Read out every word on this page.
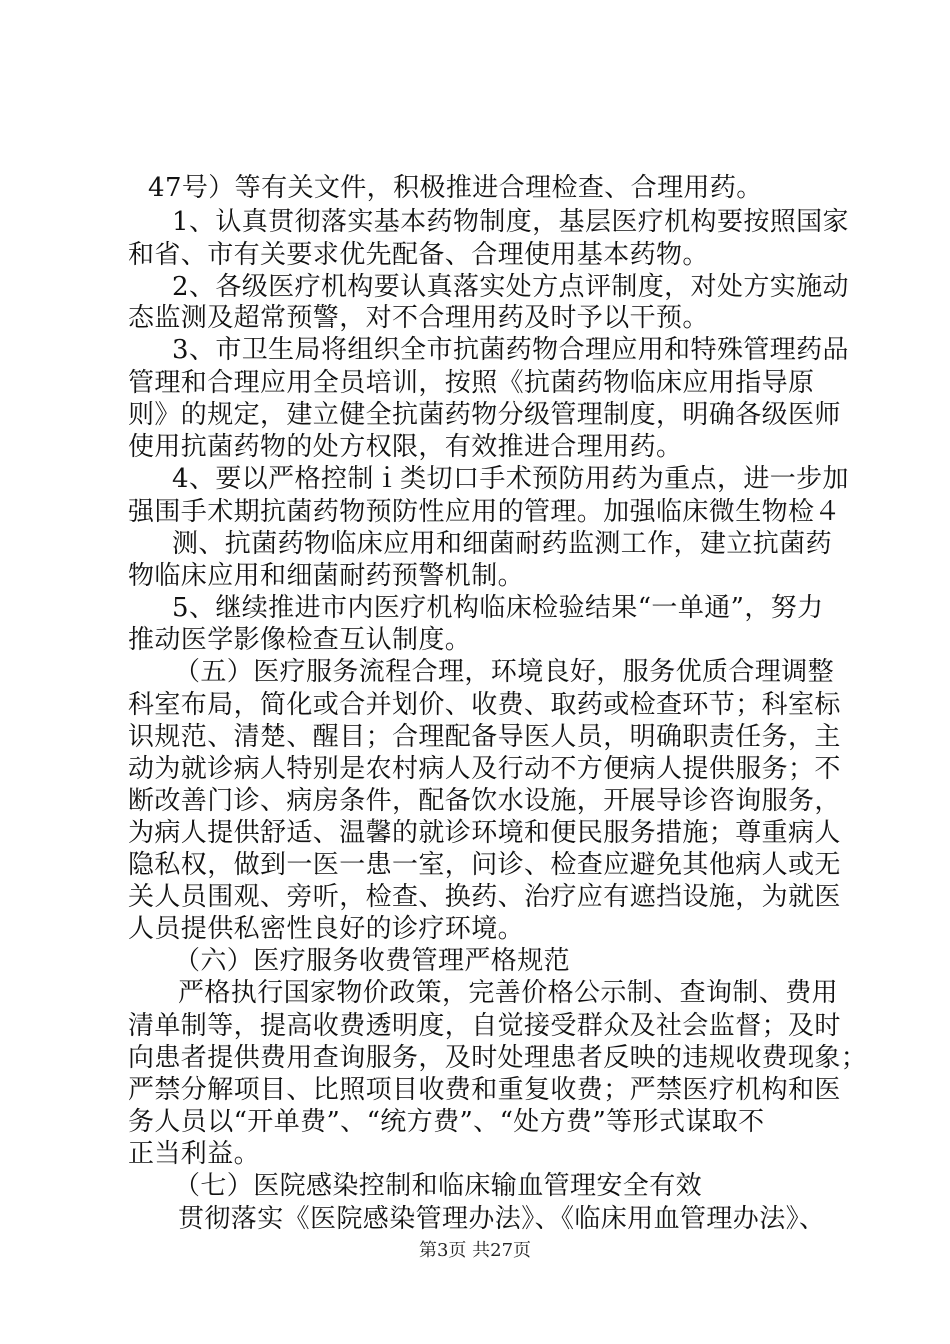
47号）等有关文件，积极推进合理检查、合理用药。
1、认真贯彻落实基本药物制度，基层医疗机构要按照国家
和省、市有关要求优先配备、合理使用基本药物。
2、各级医疗机构要认真落实处方点评制度，对处方实施动
态监测及超常预警，对不合理用药及时予以干预。
3、市卫生局将组织全市抗菌药物合理应用和特殊管理药品
管理和合理应用全员培训，按照《抗菌药物临床应用指导原
则》的规定，建立健全抗菌药物分级管理制度，明确各级医师
使用抗菌药物的处方权限，有效推进合理用药。
4、要以严格控制ｉ类切口手术预防用药为重点，进一步加
强围手术期抗菌药物预防性应用的管理。加强临床微生物检４
测、抗菌药物临床应用和细菌耐药监测工作，建立抗菌药
物临床应用和细菌耐药预警机制。
5、继续推进市内医疗机构临床检验结果“一单通”，努力
推动医学影像检查互认制度。
（五）医疗服务流程合理，环境良好，服务优质合理调整
科室布局，简化或合并划价、收费、取药或检查环节；科室标
识规范、清楚、醒目；合理配备导医人员，明确职责任务，主
动为就诊病人特别是农村病人及行动不方便病人提供服务；不
断改善门诊、病房条件，配备饮水设施，开展导诊咨询服务，
为病人提供舒适、温馨的就诊环境和便民服务措施；尊重病人
隐私权，做到一医一患一室，问诊、检查应避免其他病人或无
关人员围观、旁听，检查、换药、治疗应有遮挡设施，为就医
人员提供私密性良好的诊疗环境。
（六）医疗服务收费管理严格规范
严格执行国家物价政策，完善价格公示制、查询制、费用
清单制等，提高收费透明度，自觉接受群众及社会监督；及时
向患者提供费用查询服务，及时处理患者反映的违规收费现象；
严禁分解项目、比照项目收费和重复收费；严禁医疗机构和医
务人员以“开单费”、“统方费”、“处方费”等形式谋取不
正当利益。
（七）医院感染控制和临床输血管理安全有效
贯彻落实《医院感染管理办法》、《临床用血管理办法》、
第3页 共27页
